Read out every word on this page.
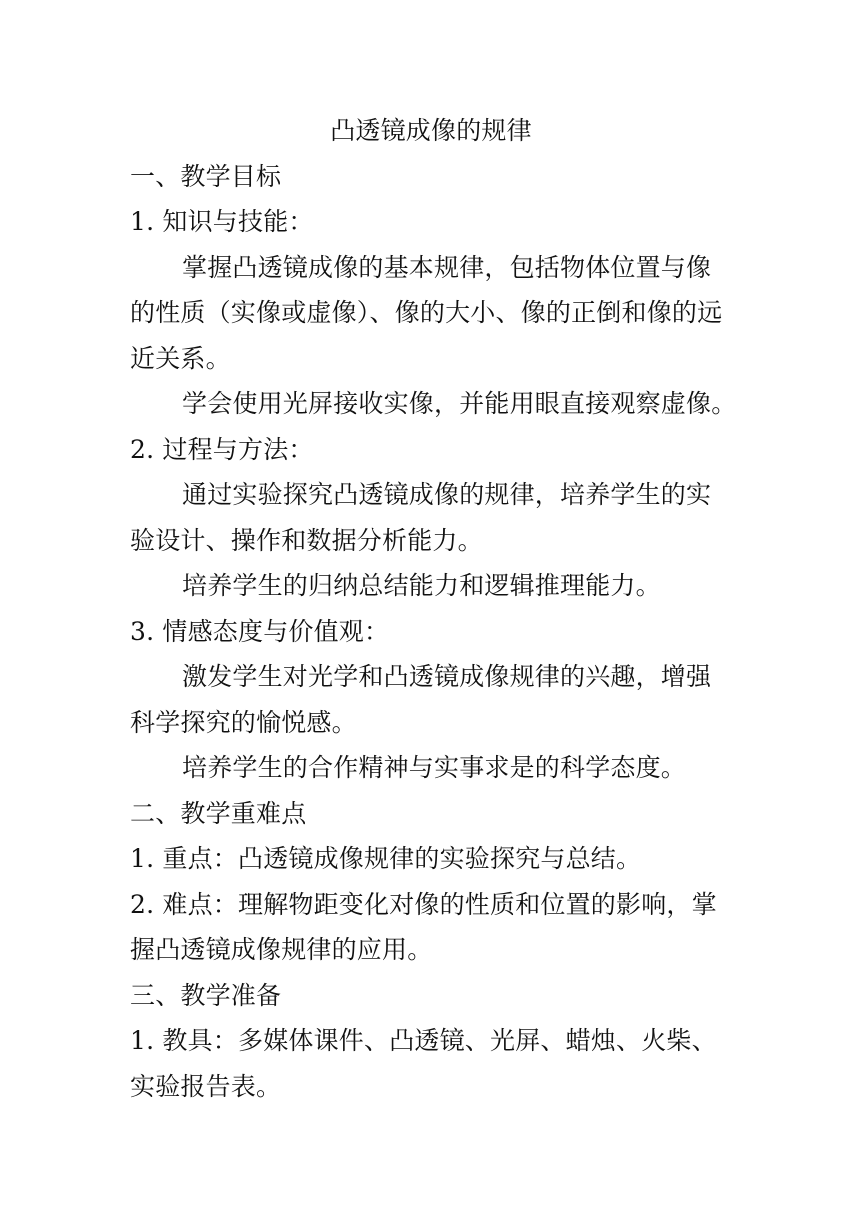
凸透镜成像的规律
一、教学目标
1. 知识与技能：
掌握凸透镜成像的基本规律，包括物体位置与像
的性质（实像或虚像）、像的大小、像的正倒和像的远
近关系。
学会使用光屏接收实像，并能用眼直接观察虚像。
2. 过程与方法：
通过实验探究凸透镜成像的规律，培养学生的实
验设计、操作和数据分析能力。
培养学生的归纳总结能力和逻辑推理能力。
3. 情感态度与价值观：
激发学生对光学和凸透镜成像规律的兴趣，增强
科学探究的愉悦感。
培养学生的合作精神与实事求是的科学态度。
二、教学重难点
1. 重点：凸透镜成像规律的实验探究与总结。
2. 难点：理解物距变化对像的性质和位置的影响，掌
握凸透镜成像规律的应用。
三、教学准备
1. 教具：多媒体课件、凸透镜、光屏、蜡烛、火柴、
实验报告表。
